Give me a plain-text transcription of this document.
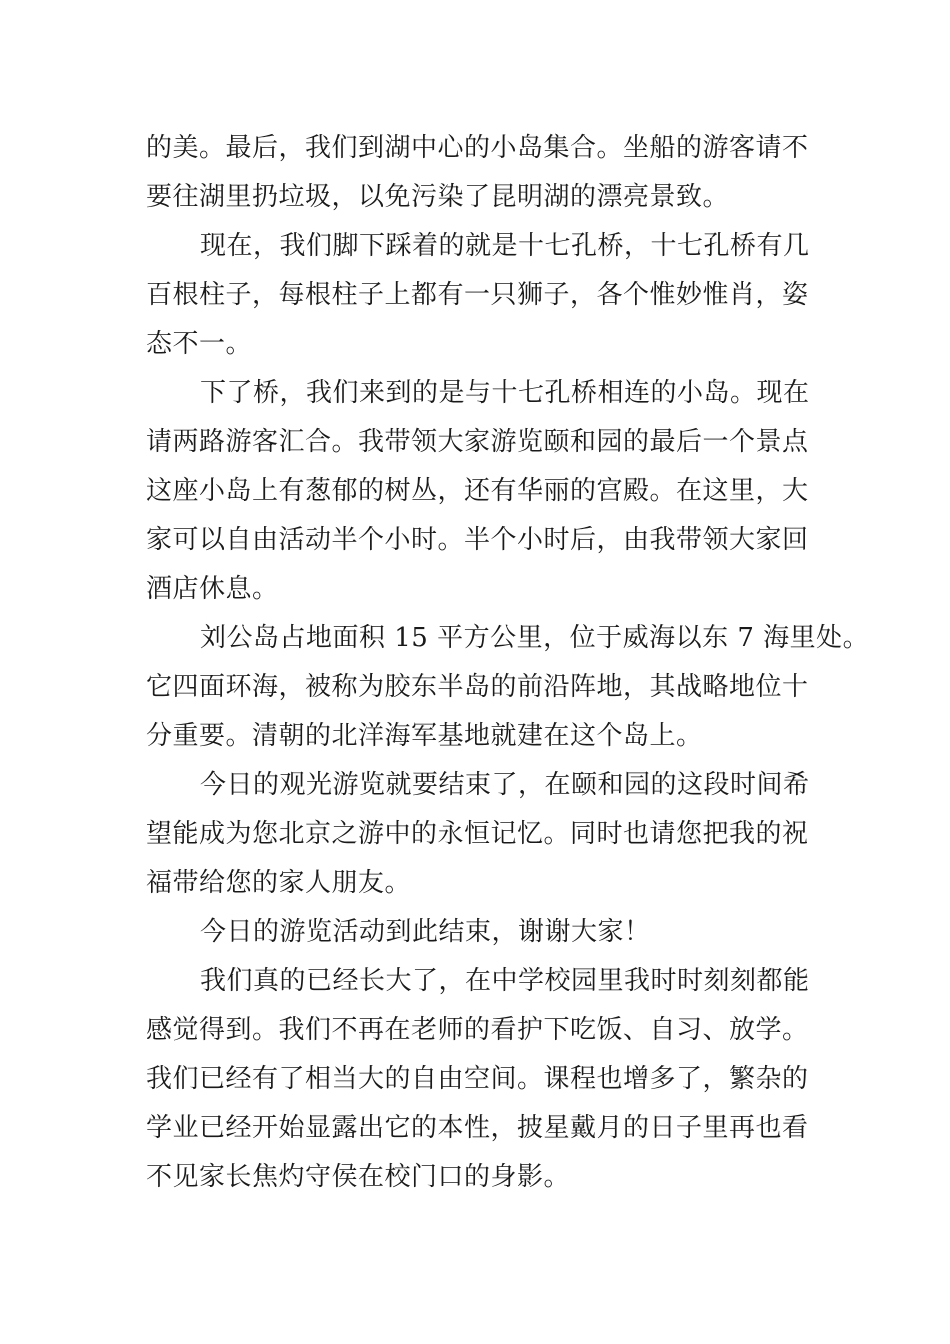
的美。最后，我们到湖中心的小岛集合。坐船的游客请不
要往湖里扔垃圾，以免污染了昆明湖的漂亮景致。
现在，我们脚下踩着的就是十七孔桥，十七孔桥有几
百根柱子，每根柱子上都有一只狮子，各个惟妙惟肖，姿
态不一。
下了桥，我们来到的是与十七孔桥相连的小岛。现在
请两路游客汇合。我带领大家游览颐和园的最后一个景点
这座小岛上有葱郁的树丛，还有华丽的宫殿。在这里，大
家可以自由活动半个小时。半个小时后，由我带领大家回
酒店休息。
刘公岛占地面积 15 平方公里，位于威海以东 7 海里处。
它四面环海，被称为胶东半岛的前沿阵地，其战略地位十
分重要。清朝的北洋海军基地就建在这个岛上。
今日的观光游览就要结束了，在颐和园的这段时间希
望能成为您北京之游中的永恒记忆。同时也请您把我的祝
福带给您的家人朋友。
今日的游览活动到此结束，谢谢大家！
我们真的已经长大了，在中学校园里我时时刻刻都能
感觉得到。我们不再在老师的看护下吃饭、自习、放学。
我们已经有了相当大的自由空间。课程也增多了，繁杂的
学业已经开始显露出它的本性，披星戴月的日子里再也看
不见家长焦灼守侯在校门口的身影。
